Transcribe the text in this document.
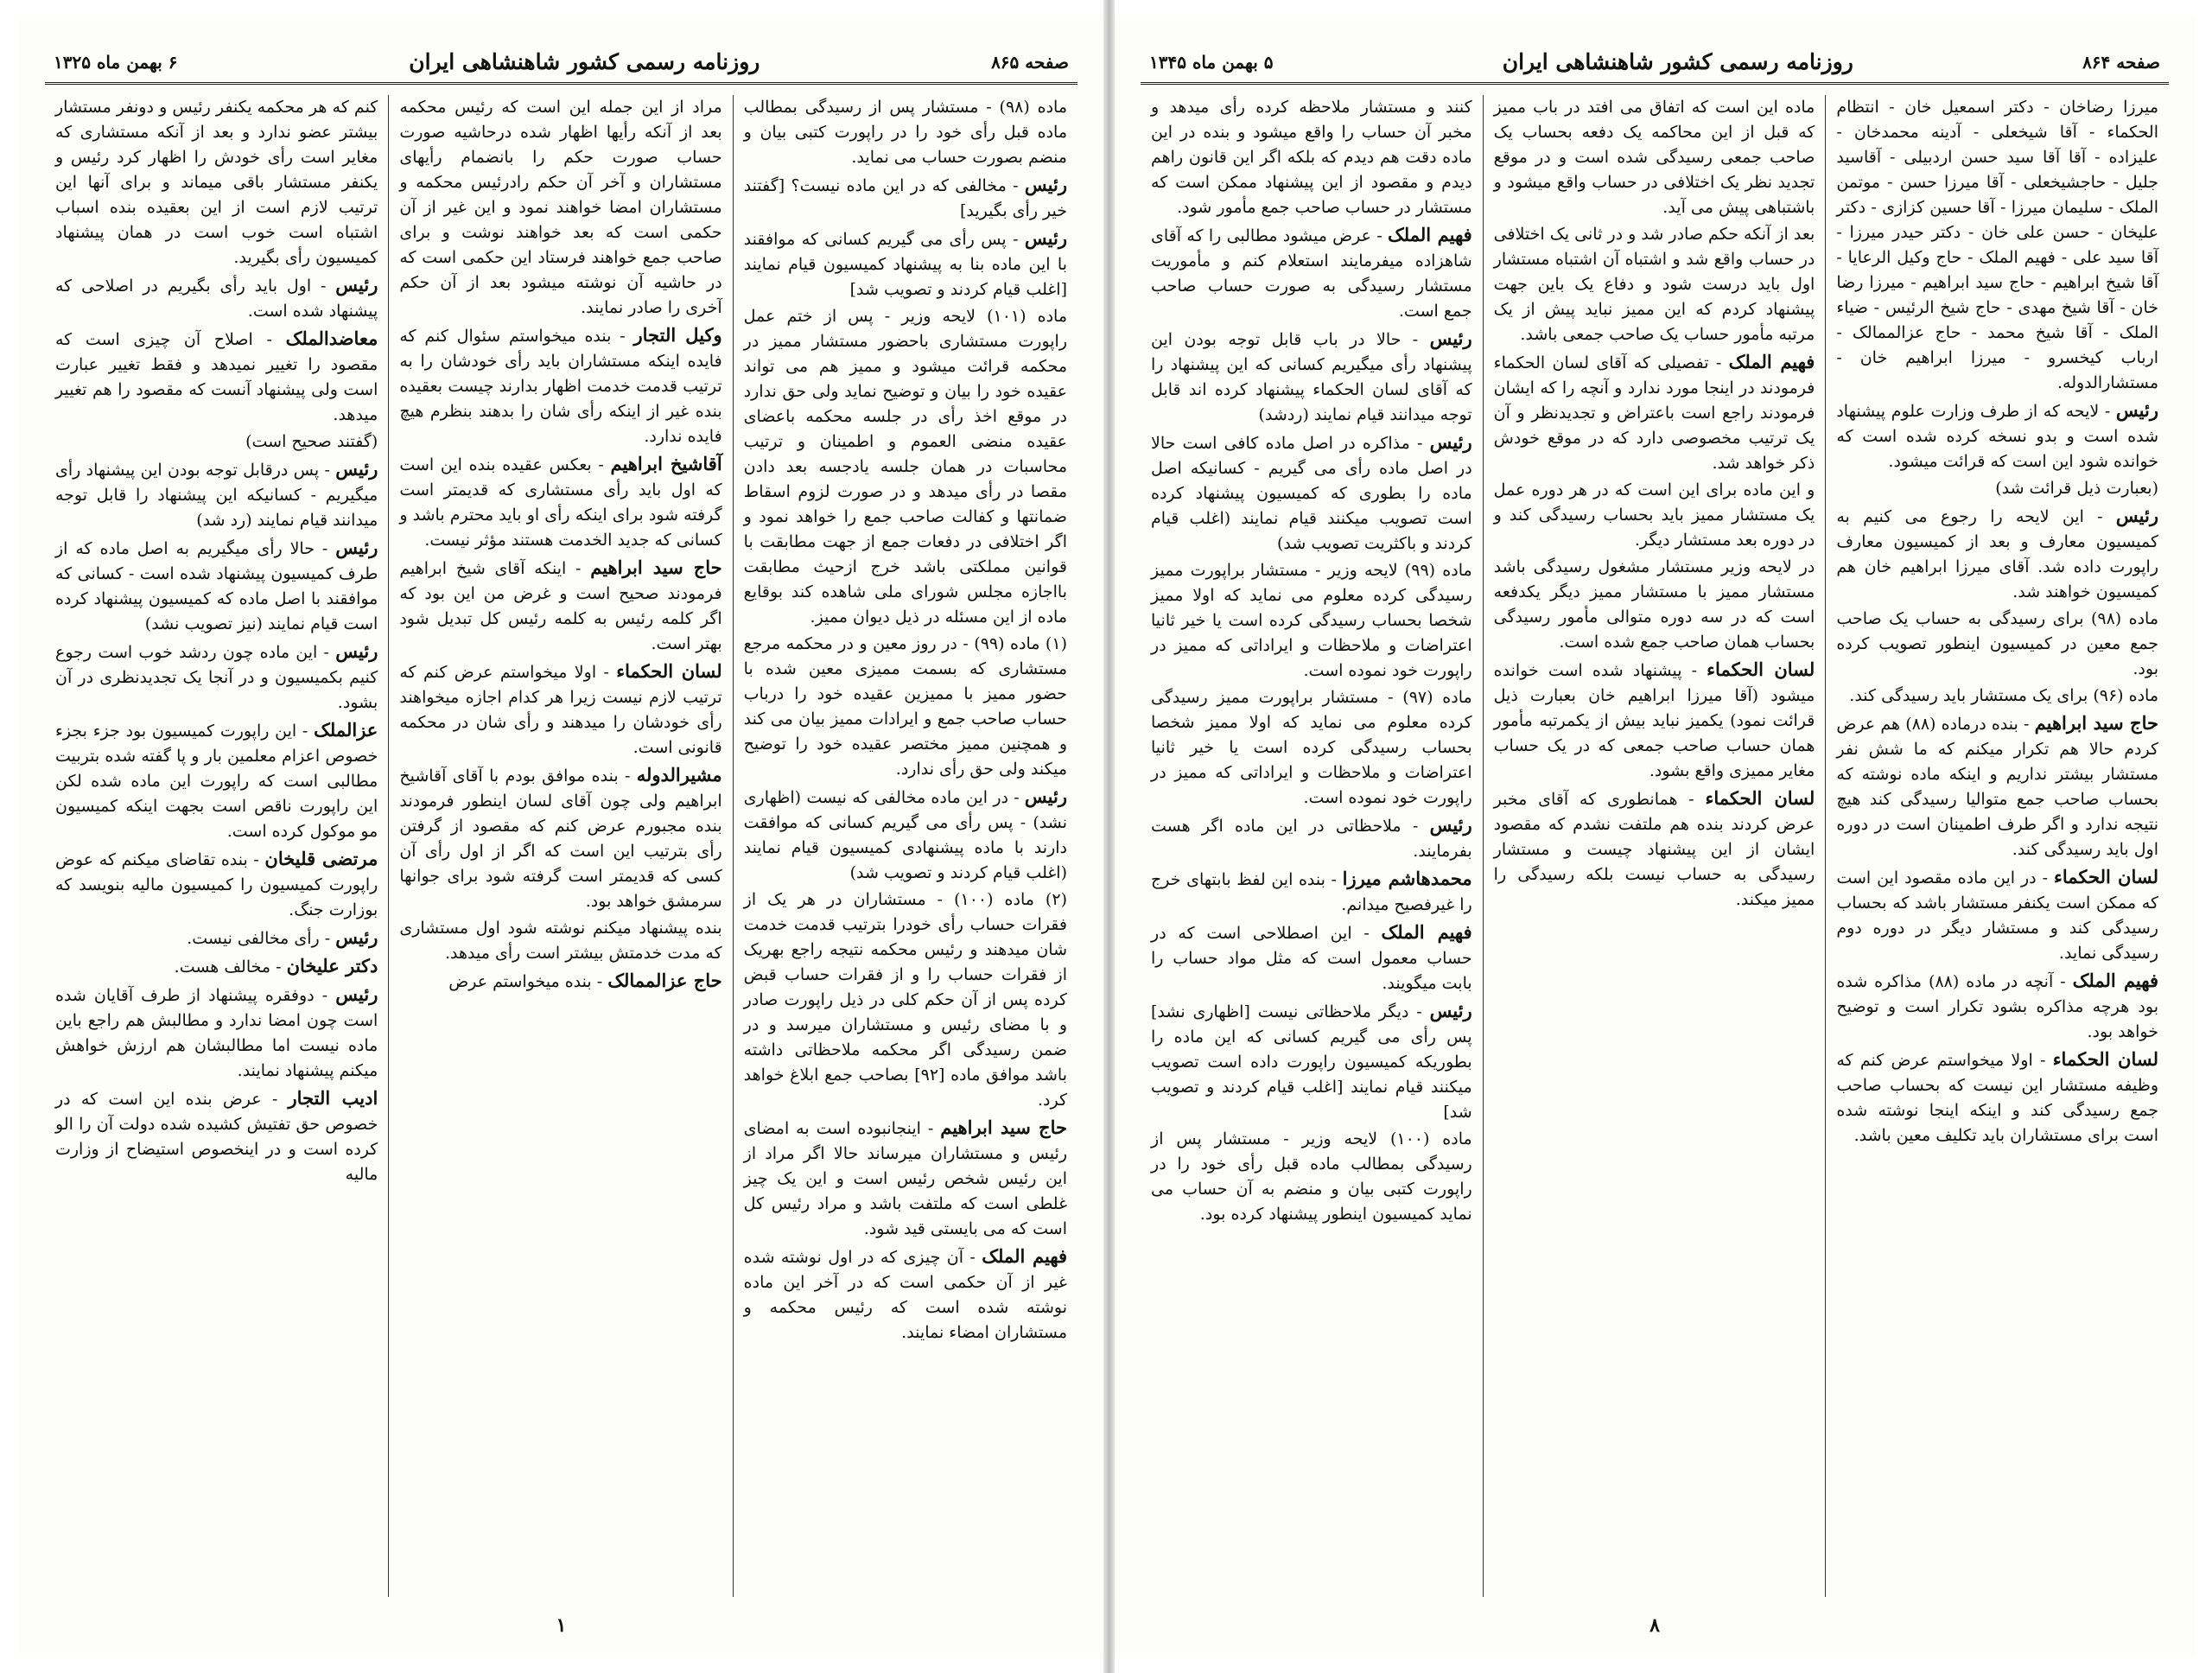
صفحه ۸۶۵
روزنامه رسمی کشور شاهنشاهی ایران
۶ بهمن ماه ۱۳۲۵

ماده (۹۸) - مستشار پس از رسیدگی بمطالب ماده قبل رأی خود را در راپورت کتبی بیان و منضم بصورت حساب می نماید.

رئیس - مخالفی که در این ماده نیست؟ [گفتند خیر رأی بگیرید]

رئیس - پس رأی می گیریم کسانی که موافقند با این ماده بنا به پیشنهاد کمیسیون قیام نمایند [اغلب قیام کردند و تصویب شد]

ماده (۱۰۱) لایحه وزیر - پس از ختم عمل راپورت مستشاری باحضور مستشار ممیز در محکمه قرائت میشود و ممیز هم می تواند عقیده خود را بیان و توضیح نماید ولی حق ندارد در موقع اخذ رأی در جلسه محکمه باعضای عقیده منضی العموم و اطمینان و ترتیب محاسبات در همان جلسه یادجسه بعد دادن مقصا در رأی میدهد و در صورت لزوم اسقاط ضمانتها و کفالت صاحب جمع را خواهد نمود و اگر اختلافی در دفعات جمع از جهت مطابقت با قوانین مملکتی باشد خرج ازحیث مطابقت بااجازه مجلس شورای ملی شاهده کند بوقایع ماده از این مسئله در ذیل دیوان ممیز.

(۱) ماده (۹۹) - در روز معین و در محکمه مرجع مستشاری که بسمت ممیزی معین شده با حضور ممیز با ممیزین عقیده خود را درباب حساب صاحب جمع و ایرادات ممیز بیان می کند و همچنین ممیز مختصر عقیده خود را توضیح میکند ولی حق رأی ندارد.

رئیس - در این ماده مخالفی که نیست (اظهاری نشد) - پس رأی می گیریم کسانی که موافقت دارند با ماده پیشنهادی کمیسیون قیام نمایند (اغلب قیام کردند و تصویب شد)

(۲) ماده (۱۰۰) - مستشاران در هر یک از فقرات حساب رأی خودرا بترتیب قدمت خدمت شان میدهند و رئیس محکمه نتیجه راجع بهریک از فقرات حساب را و از فقرات حساب قبض کرده پس از آن حکم کلی در ذیل راپورت صادر و با مضای رئیس و مستشاران میرسد و در ضمن رسیدگی اگر محکمه ملاحظاتی داشته باشد موافق ماده [۹۲] بصاحب جمع ابلاغ خواهد کرد.

حاج سید ابراهیم - اینجانبوده است به امضای رئیس و مستشاران میرساند حالا اگر مراد از این رئیس شخص رئیس است و این یک چیز غلطی است که ملتفت باشد و مراد رئیس کل است که می بایستی قید شود.

فهیم الملک - آن چیزی که در اول نوشته شده غیر از آن حکمی است که در آخر این ماده نوشته شده است که رئیس محکمه و مستشاران امضاء نمایند.

مراد از این جمله این است که رئیس محکمه بعد از آنکه رأیها اظهار شده درحاشیه صورت حساب صورت حکم را بانضمام رأیهای مستشاران و آخر آن حکم رادرئیس محکمه و مستشاران امضا خواهند نمود و این غیر از آن حکمی است که بعد خواهند نوشت و برای صاحب جمع خواهند فرستاد این حکمی است که در حاشیه آن نوشته میشود بعد از آن حکم آخری را صادر نمایند.

وکیل التجار - بنده میخواستم سئوال کنم که فایده اینکه مستشاران باید رأی خودشان را به ترتیب قدمت خدمت اظهار بدارند چیست بعقیده بنده غیر از اینکه رأی شان را بدهند بنظرم هیچ فایده ندارد.

آقاشیخ ابراهیم - بعکس عقیده بنده این است که اول باید رأی مستشاری که قدیمتر است گرفته شود برای اینکه رأی او باید محترم باشد و کسانی که جدید الخدمت هستند مؤثر نیست.

حاج سید ابراهیم - اینکه آقای شیخ ابراهیم فرمودند صحیح است و غرض من این بود که اگر کلمه رئیس به کلمه رئیس کل تبدیل شود بهتر است.

لسان الحکماء - اولا میخواستم عرض کنم که ترتیب لازم نیست زیرا هر کدام اجازه میخواهند رأی خودشان را میدهند و رأی شان در محکمه قانونی است.

مشیرالدوله - بنده موافق بودم با آقای آقاشیخ ابراهیم ولی چون آقای لسان اینطور فرمودند بنده مجبورم عرض کنم که مقصود از گرفتن رأی بترتیب این است که اگر از اول رأی آن کسی که قدیمتر است گرفته شود برای جوانها سرمشق خواهد بود.

بنده پیشنهاد میکنم نوشته شود اول مستشاری که مدت خدمتش بیشتر است رأی میدهد.

حاج عزالممالک - بنده میخواستم عرض

کنم که هر محکمه یکنفر رئیس و دونفر مستشار بیشتر عضو ندارد و بعد از آنکه مستشاری که مغایر است رأی خودش را اظهار کرد رئیس و یکنفر مستشار باقی میماند و برای آنها این ترتیب لازم است از این بعقیده بنده اسباب اشتباه است خوب است در همان پیشنهاد کمیسیون رأی بگیرید.

رئیس - اول باید رأی بگیریم در اصلاحی که پیشنهاد شده است.

معاضدالملک - اصلاح آن چیزی است که مقصود را تغییر نمیدهد و فقط تغییر عبارت است ولی پیشنهاد آنست که مقصود را هم تغییر میدهد.

(گفتند صحیح است)

رئیس - پس درقابل توجه بودن این پیشنهاد رأی میگیریم - کسانیکه این پیشنهاد را قابل توجه میدانند قیام نمایند (رد شد)

رئیس - حالا رأی میگیریم به اصل ماده که از طرف کمیسیون پیشنهاد شده است - کسانی که موافقند با اصل ماده که کمیسیون پیشنهاد کرده است قیام نمایند (نیز تصویب نشد)

رئیس - این ماده چون ردشد خوب است رجوع کنیم بکمیسیون و در آنجا یک تجدیدنظری در آن بشود.

عزالملک - این راپورت کمیسیون بود جزء بجزء خصوص اعزام معلمین بار و پا گفته شده بتربیت مطالبی است که راپورت این ماده شده لکن این راپورت ناقص است بجهت اینکه کمیسیون مو موکول کرده است.

مرتضی قلیخان - بنده تقاضای میکنم که عوض راپورت کمیسیون را کمیسیون مالیه بنویسد که بوزارت جنگ.

رئیس - رأی مخالفی نیست.

دکتر علیخان - مخالف هست.

رئیس - دوفقره پیشنهاد از طرف آقایان شده است چون امضا ندارد و مطالبش هم راجع باین ماده نیست اما مطالبشان هم ارزش خواهش میکنم پیشنهاد نمایند.

ادیب التجار - عرض بنده این است که در خصوص حق تفتیش کشیده شده دولت آن را الو کرده است و در اینخصوص استیضاح از وزارت مالیه

۱
صفحه ۸۶۴
روزنامه رسمی کشور شاهنشاهی ایران
۵ بهمن ماه ۱۳۴۵

میرزا رضاخان - دکتر اسمعیل خان - انتظام الحکماء - آقا شیخعلی - آدینه محمدخان - علیزاده - آقا آقا سید حسن اردبیلی - آقاسید جلیل - حاجشیخعلی - آقا میرزا حسن - موتمن الملک - سلیمان میرزا - آقا حسین کزازی - دکتر علیخان - حسن علی خان - دکتر حیدر میرزا - آقا سید علی - فهیم الملک - حاج وکیل الرعایا - آقا شیخ ابراهیم - حاج سید ابراهیم - میرزا رضا خان - آقا شیخ مهدی - حاج شیخ الرئیس - ضیاء الملک - آقا شیخ محمد - حاج عزالممالک - ارباب کیخسرو - میرزا ابراهیم خان - مستشارالدوله.

رئیس - لایحه که از طرف وزارت علوم پیشنهاد شده است و بدو نسخه کرده شده است که خوانده شود این است که قرائت میشود.

(بعبارت ذیل قرائت شد)

رئیس - این لایحه را رجوع می کنیم به کمیسیون معارف و بعد از کمیسیون معارف راپورت داده شد. آقای میرزا ابراهیم خان هم کمیسیون خواهند شد.

ماده (۹۸) برای رسیدگی به حساب یک صاحب جمع معین در کمیسیون اینطور تصویب کرده بود.

ماده (۹۶) برای یک مستشار باید رسیدگی کند.

حاج سید ابراهیم - بنده درماده (۸۸) هم عرض کردم حالا هم تکرار میکنم که ما شش نفر مستشار بیشتر نداریم و اینکه ماده نوشته که بحساب صاحب جمع متوالیا رسیدگی کند هیچ نتیجه ندارد و اگر طرف اطمینان است در دوره اول باید رسیدگی کند.

لسان الحکماء - در این ماده مقصود این است که ممکن است یکنفر مستشار باشد که بحساب رسیدگی کند و مستشار دیگر در دوره دوم رسیدگی نماید.

فهیم الملک - آنچه در ماده (۸۸) مذاکره شده بود هرچه مذاکره بشود تکرار است و توضیح خواهد بود.

لسان الحکماء - اولا میخواستم عرض کنم که وظیفه مستشار این نیست که بحساب صاحب جمع رسیدگی کند و اینکه اینجا نوشته شده است برای مستشاران باید تکلیف معین باشد.

ماده این است که اتفاق می افتد در باب ممیز که قبل از این محاکمه یک دفعه بحساب یک صاحب جمعی رسیدگی شده است و در موقع تجدید نظر یک اختلافی در حساب واقع میشود و باشتباهی پیش می آید.

بعد از آنکه حکم صادر شد و در ثانی یک اختلافی در حساب واقع شد و اشتباه آن اشتباه مستشار اول باید درست شود و دفاع یک باین جهت پیشنهاد کردم که این ممیز نباید پیش از یک مرتبه مأمور حساب یک صاحب جمعی باشد.

فهیم الملک - تفصیلی که آقای لسان الحکماء فرمودند در اینجا مورد ندارد و آنچه را که ایشان فرمودند راجع است باعتراض و تجدیدنظر و آن یک ترتیب مخصوصی دارد که در موقع خودش ذکر خواهد شد.

و این ماده برای این است که در هر دوره عمل یک مستشار ممیز باید بحساب رسیدگی کند و در دوره بعد مستشار دیگر.

در لایحه وزیر مستشار مشغول رسیدگی باشد مستشار ممیز با مستشار ممیز دیگر یکدفعه است که در سه دوره متوالی مأمور رسیدگی بحساب همان صاحب جمع شده است.

لسان الحکماء - پیشنهاد شده است خوانده میشود (آقا میرزا ابراهیم خان بعبارت ذیل قرائت نمود) یکمیز نباید بیش از یکمرتبه مأمور همان حساب صاحب جمعی که در یک حساب مغایر ممیزی واقع بشود.

لسان الحکماء - همانطوری که آقای مخبر عرض کردند بنده هم ملتفت نشدم که مقصود ایشان از این پیشنهاد چیست و مستشار رسیدگی به حساب نیست بلکه رسیدگی را ممیز میکند.

کنند و مستشار ملاحظه کرده رأی میدهد و مخبر آن حساب را واقع میشود و بنده در این ماده دقت هم دیدم که بلکه اگر این قانون راهم دیدم و مقصود از این پیشنهاد ممکن است که مستشار در حساب صاحب جمع مأمور شود.

فهیم الملک - عرض میشود مطالبی را که آقای شاهزاده میفرمایند استعلام کنم و مأموریت مستشار رسیدگی به صورت حساب صاحب جمع است.

رئیس - حالا در باب قابل توجه بودن این پیشنهاد رأی میگیریم کسانی که این پیشنهاد را که آقای لسان الحکماء پیشنهاد کرده اند قابل توجه میدانند قیام نمایند (ردشد)

رئیس - مذاکره در اصل ماده کافی است حالا در اصل ماده رأی می گیریم - کسانیکه اصل ماده را بطوری که کمیسیون پیشنهاد کرده است تصویب میکنند قیام نمایند (اغلب قیام کردند و باکثریت تصویب شد)

ماده (۹۹) لایحه وزیر - مستشار براپورت ممیز رسیدگی کرده معلوم می نماید که اولا ممیز شخصا بحساب رسیدگی کرده است یا خیر ثانیا اعتراضات و ملاحظات و ایراداتی که ممیز در راپورت خود نموده است.

ماده (۹۷) - مستشار براپورت ممیز رسیدگی کرده معلوم می نماید که اولا ممیز شخصا بحساب رسیدگی کرده است یا خیر ثانیا اعتراضات و ملاحظات و ایراداتی که ممیز در راپورت خود نموده است.

رئیس - ملاحظاتی در این ماده اگر هست بفرمایند.

محمدهاشم میرزا - بنده این لفظ بابتهای خرج را غیرفصیح میدانم.

فهیم الملک - این اصطلاحی است که در حساب معمول است که مثل مواد حساب را بابت میگویند.

رئیس - دیگر ملاحظاتی نیست [اظهاری نشد] پس رأی می گیریم کسانی که این ماده را بطوریکه کمیسیون راپورت داده است تصویب میکنند قیام نمایند [اغلب قیام کردند و تصویب شد]

ماده (۱۰۰) لایحه وزیر - مستشار پس از رسیدگی بمطالب ماده قبل رأی خود را در راپورت کتبی بیان و منضم به آن حساب می نماید کمیسیون اینطور پیشنهاد کرده بود.

۸
